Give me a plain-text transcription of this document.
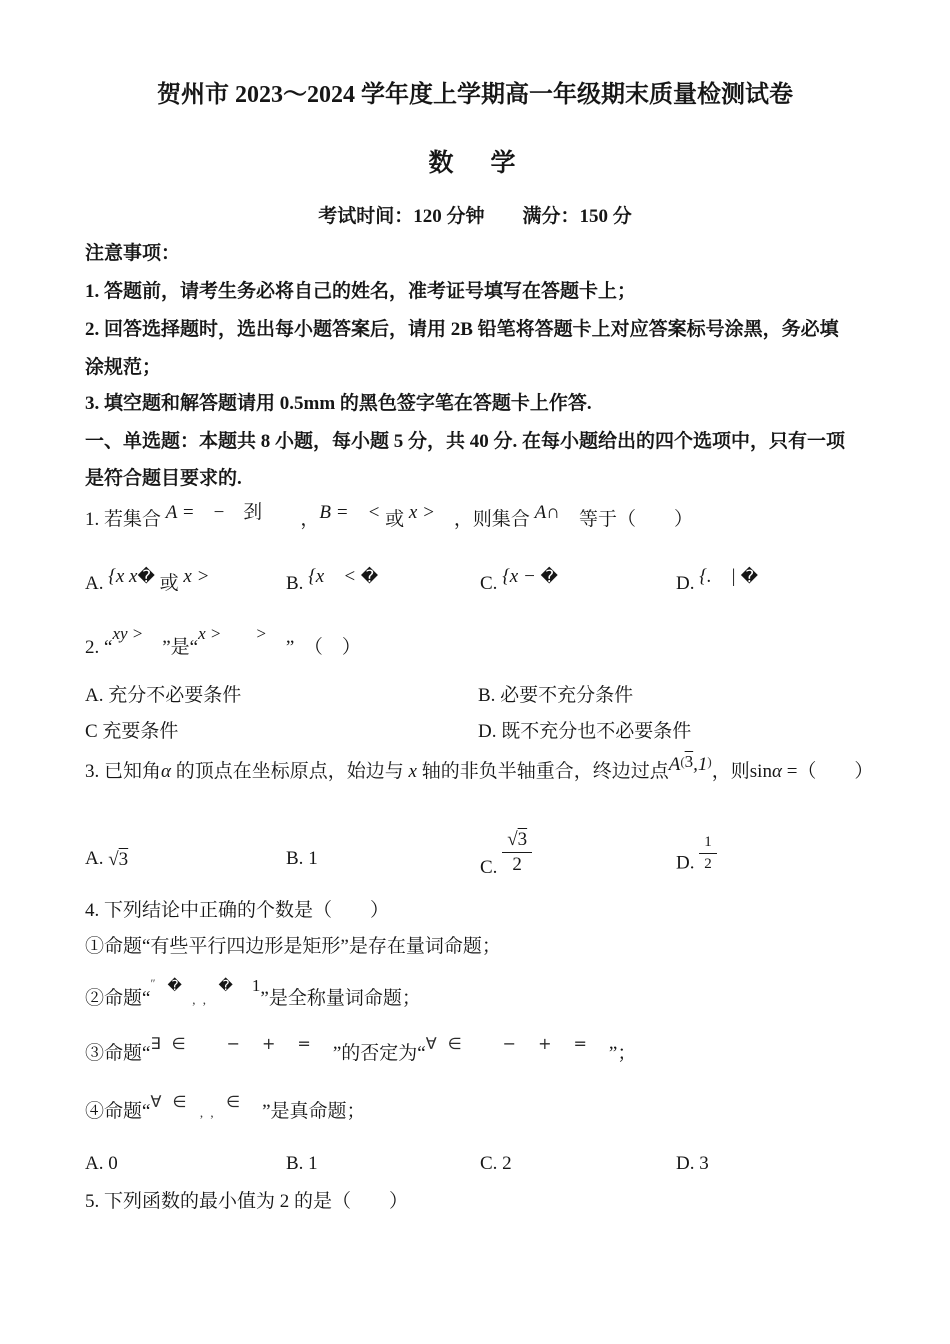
贺州市 2023～2024 学年度上学期高一年级期末质量检测试卷
数　学
考试时间：120 分钟　　满分：150 分
注意事项：
1. 答题前，请考生务必将自己的姓名，准考证号填写在答题卡上；
2. 回答选择题时，选出每小题答案后，请用 2B 铅笔将答题卡上对应答案标号涂黑，务必填
涂规范；
3. 填空题和解答题请用 0.5mm 的黑色签字笔在答题卡上作答.
一、单选题：本题共 8 小题，每小题 5 分，共 40 分. 在每小题给出的四个选项中，只有一项
是符合题目要求的.
1. 若集合 A =　−　刭　　，B =　< 或 x >　，则集合 A∩　等于（　　）
A. {x x� 或 x >	B. {x　< �	C. {x − �	D. {.　| �
2. “xy >　”是“x >　　>　”　（　）
A. 充分不必要条件	B. 必要不充分条件
C 充要条件	D. 既不充分也不必要条件
3. 已知角α 的顶点在坐标原点，始边与 x 轴的非负半轴重合，终边过点A(3,1)，则sinα =（　　）
A. √3	B. 1	C. $\frac{√3}{2}$	D. $\frac{1}{2}$
4. 下列结论中正确的个数是（　　）
①命题“有些平行四边形是矩形”是存在量词命题；
②命题“″　�  , ,  �　 1”是全称量词命题；
③命题“∃ ∈　　−　+　=　”的否定为“∀ ∈　　−　+　=　”；
④命题“∀ ∈  , ,  ∈　”是真命题；
A. 0	B. 1	C. 2	D. 3
5. 下列函数的最小值为 2 的是（　　）
